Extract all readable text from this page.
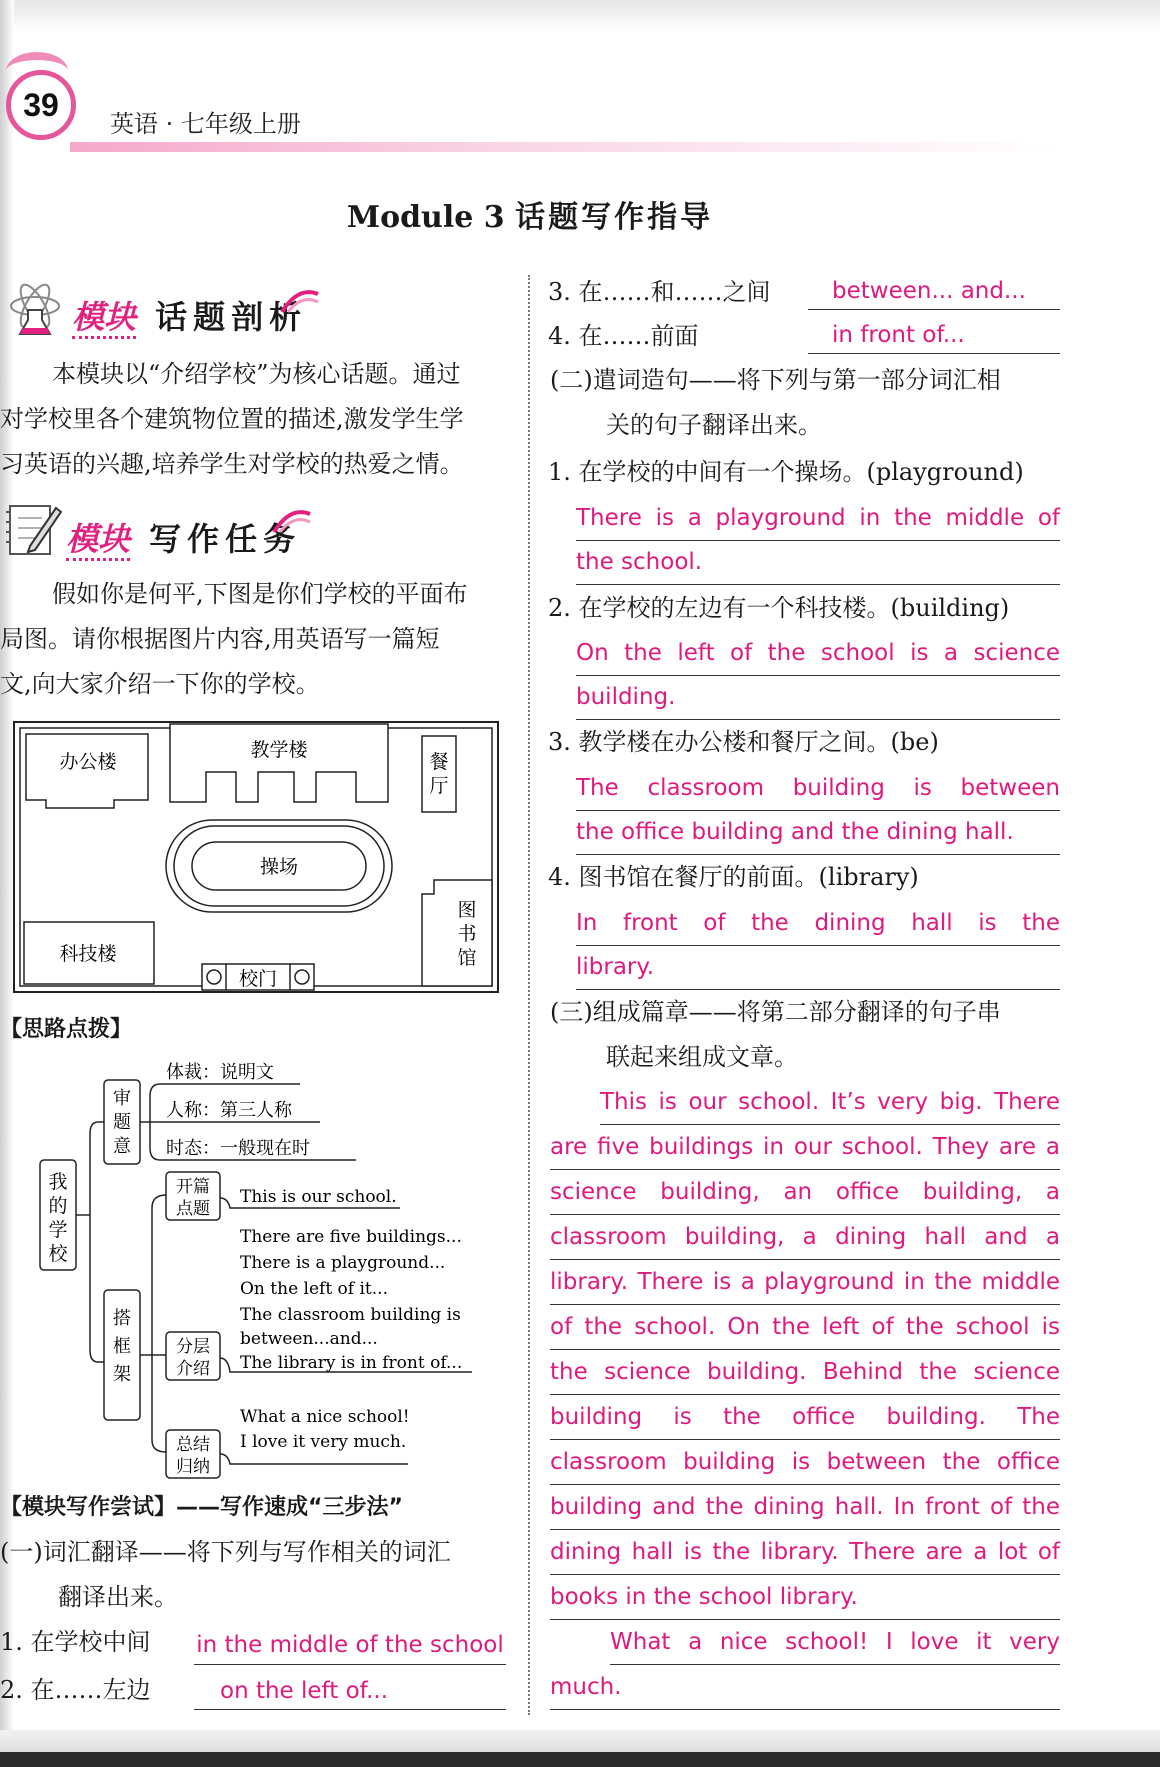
39
英语 · 七年级上册
Module 3 话题写作指导
模块 话题剖析
本模块以“介绍学校”为核心话题。通过
对学校里各个建筑物位置的描述,激发学生学
习英语的兴趣,培养学生对学校的热爱之情。
模块 写作任务
假如你是何平,下图是你们学校的平面布
局图。请你根据图片内容,用英语写一篇短
文,向大家介绍一下你的学校。
办公楼
教学楼
餐
厅
操场
图
书
馆
科技楼
校门
【思路点拨】
我
的
学
校
审
题
意
体裁：说明文
人称：第三人称
时态：一般现在时
搭
框
架
开篇
点题
This is our school.
分层
介绍
There are five buildings...
There is a playground...
On the left of it...
The classroom building is
between...and...
The library is in front of...
总结
归纳
What a nice school!
I love it very much.
【模块写作尝试】——写作速成“三步法”
(一)词汇翻译——将下列与写作相关的词汇
翻译出来。
1. 在学校中间 in the middle of the school
2. 在……左边	on the left of...
3. 在……和……之间	between... and...
4. 在……前面	in front of...
(二)遣词造句——将下列与第一部分词汇相
关的句子翻译出来。
1. 在学校的中间有一个操场。(playground)
There is a playground in the middle of
the school.
2. 在学校的左边有一个科技楼。(building)
On the left of the school is a science
building.
3. 教学楼在办公楼和餐厅之间。(be)
The classroom building is between
the office building and the dining hall.
4. 图书馆在餐厅的前面。(library)
In front of the dining hall is the
library.
(三)组成篇章——将第二部分翻译的句子串
联起来组成文章。
This is our school. It’s very big. There
are five buildings in our school. They are a
science building, an office building, a
classroom building, a dining hall and a
library. There is a playground in the middle
of the school. On the left of the school is
the science building. Behind the science
building is the office building. The
classroom building is between the office
building and the dining hall. In front of the
dining hall is the library. There are a lot of
books in the school library.
What a nice school! I love it very
much.
